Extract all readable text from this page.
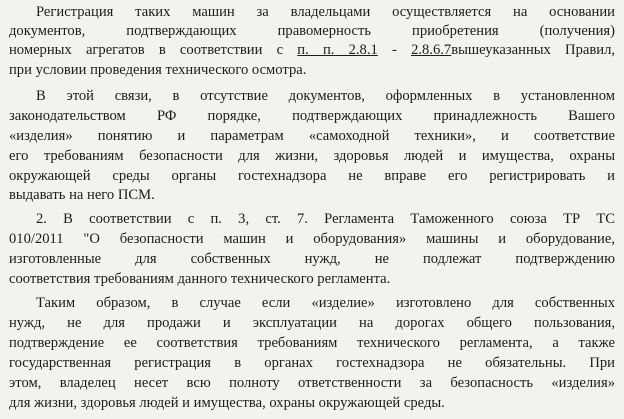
Регистрация таких машин за владельцами осуществляется на основании
документов, подтверждающих правомерность приобретения (получения)
номерных агрегатов в соответствии с п. п. 2.8.1 - 2.8.6.7вышеуказанных Правил,
при условии проведения технического осмотра.
В этой связи, в отсутствие документов, оформленных в установленном
законодательством РФ порядке, подтверждающих принадлежность Вашего
«изделия» понятию и параметрам «самоходной техники», и соответствие
его требованиям безопасности для жизни, здоровья людей и имущества, охраны
окружающей среды органы гостехнадзора не вправе его регистрировать и
выдавать на него ПСМ.
2. В соответствии с п. 3, ст. 7. Регламента Таможенного союза ТР ТС
010/2011 "О безопасности машин и оборудования» машины и оборудование,
изготовленные для собственных нужд, не подлежат подтверждению
соответствия требованиям данного технического регламента.
Таким образом, в случае если «изделие» изготовлено для собственных
нужд, не для продажи и эксплуатации на дорогах общего пользования,
подтверждение ее соответствия требованиям технического регламента, а также
государственная регистрация в органах гостехнадзора не обязательны. При
этом, владелец несет всю полноту ответственности за безопасность «изделия»
для жизни, здоровья людей и имущества, охраны окружающей среды.
